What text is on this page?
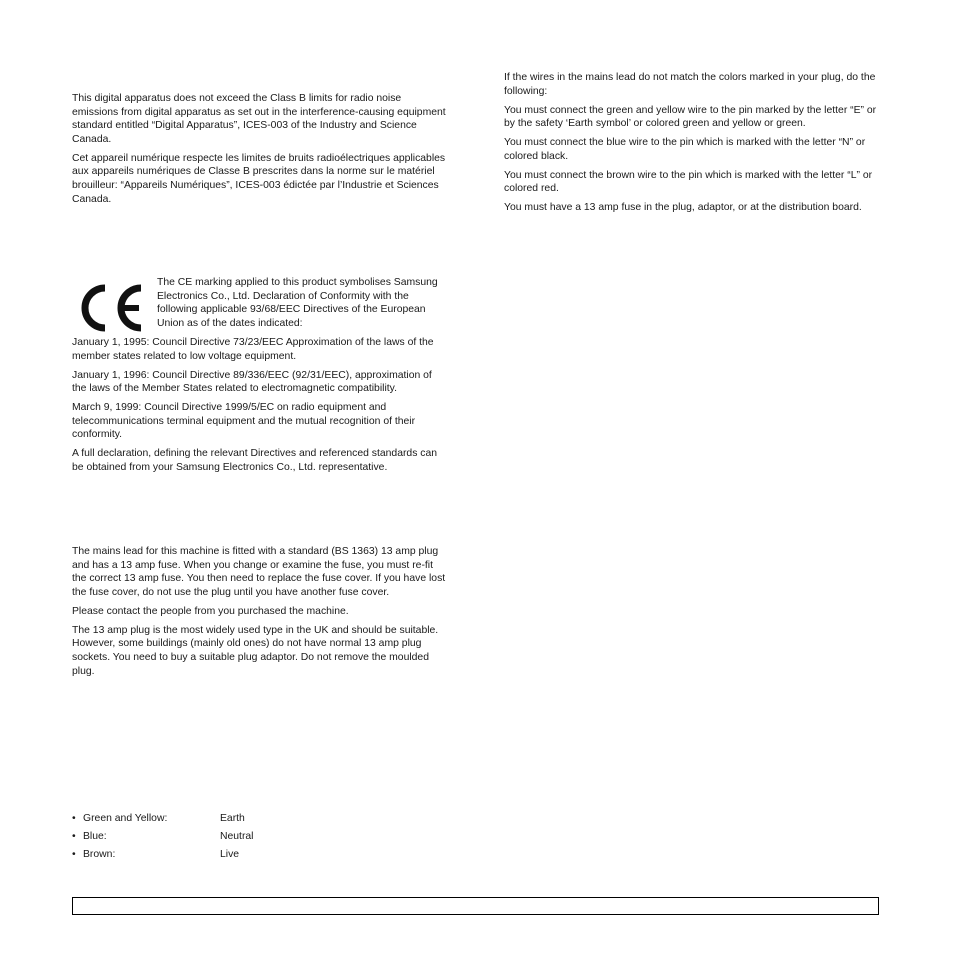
This digital apparatus does not exceed the Class B limits for radio noise emissions from digital apparatus as set out in the interference-causing equipment standard entitled “Digital Apparatus”, ICES-003 of the Industry and Science Canada.

Cet appareil numérique respecte les limites de bruits radioélectriques applicables aux appareils numériques de Classe B prescrites dans la norme sur le matériel brouilleur: “Appareils Numériques”, ICES-003 édictée par l’Industrie et Sciences Canada.

The CE marking applied to this product symbolises Samsung Electronics Co., Ltd. Declaration of Conformity with the following applicable 93/68/EEC Directives of the European Union as of the dates indicated:

January 1, 1995: Council Directive 73/23/EEC Approximation of the laws of the member states related to low voltage equipment.

January 1, 1996: Council Directive 89/336/EEC (92/31/EEC), approximation of the laws of the Member States related to electromagnetic compatibility.

March 9, 1999: Council Directive 1999/5/EC on radio equipment and telecommunications terminal equipment and the mutual recognition of their conformity.

A full declaration, defining the relevant Directives and referenced standards can be obtained from your Samsung Electronics Co., Ltd. representative.

The mains lead for this machine is fitted with a standard (BS 1363) 13 amp plug and has a 13 amp fuse. When you change or examine the fuse, you must re-fit the correct 13 amp fuse. You then need to replace the fuse cover. If you have lost the fuse cover, do not use the plug until you have another fuse cover.

Please contact the people from you purchased the machine.

The 13 amp plug is the most widely used type in the UK and should be suitable. However, some buildings (mainly old ones) do not have normal 13 amp plug sockets. You need to buy a suitable plug adaptor. Do not remove the moulded plug.

• Green and Yellow:	Earth
• Blue:	Neutral
• Brown:	Live

If the wires in the mains lead do not match the colors marked in your plug, do the following:

You must connect the green and yellow wire to the pin marked by the letter “E” or by the safety ‘Earth symbol’ or colored green and yellow or green.

You must connect the blue wire to the pin which is marked with the letter “N” or colored black.

You must connect the brown wire to the pin which is marked with the letter “L” or colored red.

You must have a 13 amp fuse in the plug, adaptor, or at the distribution board.
